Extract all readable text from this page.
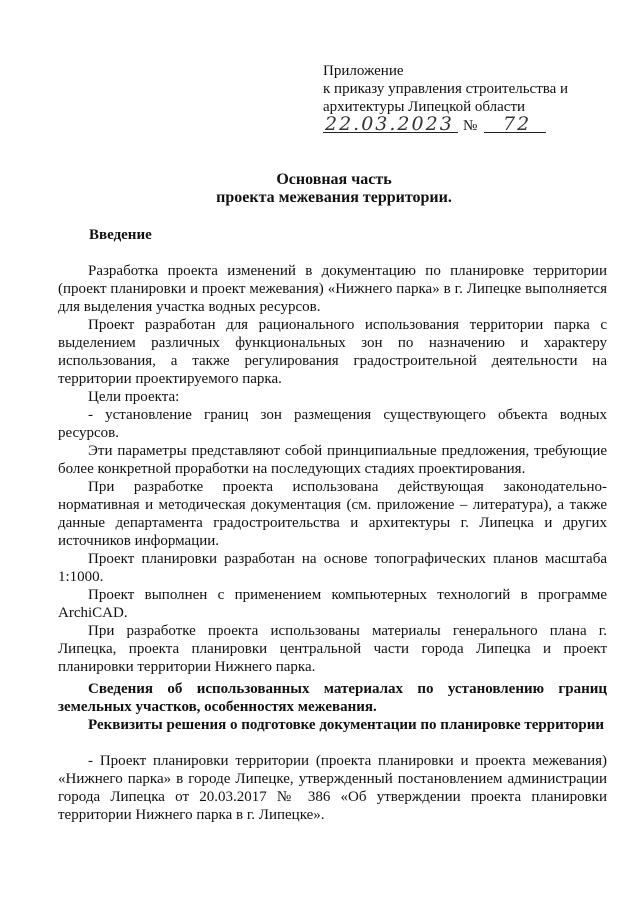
Приложение
к приказу управления строительства и
архитектуры Липецкой области
22.03.2023 № 72
Основная часть
проекта межевания территории.
Введение

Разработка проекта изменений в документацию по планировке территории (проект планировки и проект межевания) «Нижнего парка» в г. Липецке выполняется для выделения участка водных ресурсов.

Проект разработан для рационального использования территории парка с выделением различных функциональных зон по назначению и характеру использования, а также регулирования градостроительной деятельности на территории проектируемого парка.

Цели проекта:

- установление границ зон размещения существующего объекта водных ресурсов.

Эти параметры представляют собой принципиальные предложения, требующие более конкретной проработки на последующих стадиях проектирования.

При разработке проекта использована действующая законодательно-нормативная и методическая документация (см. приложение – литература), а также данные департамента градостроительства и архитектуры г. Липецка и других источников информации.

Проект планировки разработан на основе топографических планов масштаба 1:1000.

Проект выполнен с применением компьютерных технологий в программе ArchiCAD.

При разработке проекта использованы материалы генерального плана г. Липецка, проекта планировки центральной части города Липецка и проект планировки территории Нижнего парка.

Сведения об использованных материалах по установлению границ земельных участков, особенностях межевания.
Реквизиты решения о подготовке документации по планировке территории

- Проект планировки территории (проекта планировки и проекта межевания) «Нижнего парка» в городе Липецке, утвержденный постановлением администрации города Липецка от 20.03.2017 № 386 «Об утверждении проекта планировки территории Нижнего парка в г. Липецке».
